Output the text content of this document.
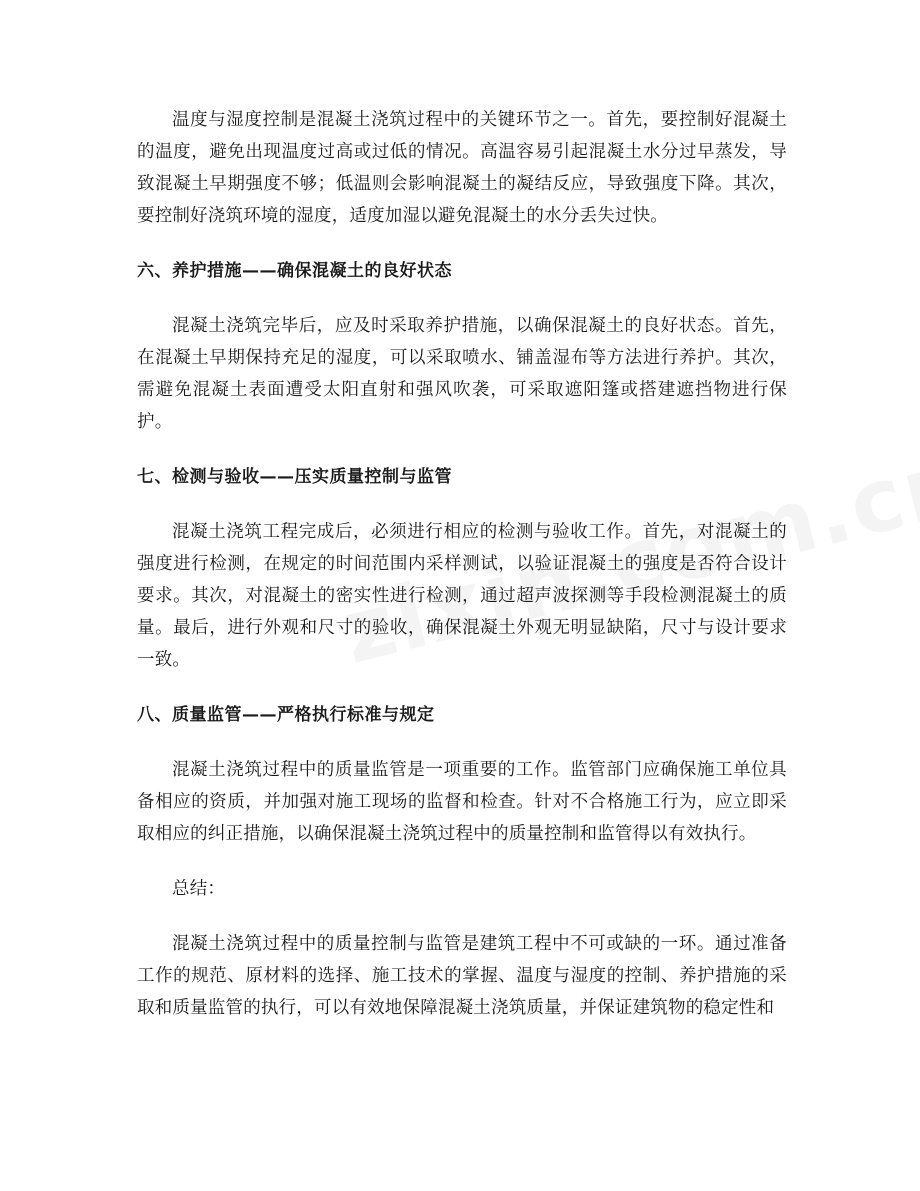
温度与湿度控制是混凝土浇筑过程中的关键环节之一。首先，要控制好混凝土的温度，避免出现温度过高或过低的情况。高温容易引起混凝土水分过早蒸发，导致混凝土早期强度不够；低温则会影响混凝土的凝结反应，导致强度下降。其次，要控制好浇筑环境的湿度，适度加湿以避免混凝土的水分丢失过快。

六、养护措施——确保混凝土的良好状态

混凝土浇筑完毕后，应及时采取养护措施，以确保混凝土的良好状态。首先，在混凝土早期保持充足的湿度，可以采取喷水、铺盖湿布等方法进行养护。其次，需避免混凝土表面遭受太阳直射和强风吹袭，可采取遮阳篷或搭建遮挡物进行保护。

七、检测与验收——压实质量控制与监管

混凝土浇筑工程完成后，必须进行相应的检测与验收工作。首先，对混凝土的强度进行检测，在规定的时间范围内采样测试，以验证混凝土的强度是否符合设计要求。其次，对混凝土的密实性进行检测，通过超声波探测等手段检测混凝土的质量。最后，进行外观和尺寸的验收，确保混凝土外观无明显缺陷，尺寸与设计要求一致。

八、质量监管——严格执行标准与规定

混凝土浇筑过程中的质量监管是一项重要的工作。监管部门应确保施工单位具备相应的资质，并加强对施工现场的监督和检查。针对不合格施工行为，应立即采取相应的纠正措施，以确保混凝土浇筑过程中的质量控制和监管得以有效执行。

总结：

混凝土浇筑过程中的质量控制与监管是建筑工程中不可或缺的一环。通过准备工作的规范、原材料的选择、施工技术的掌握、温度与湿度的控制、养护措施的采取和质量监管的执行，可以有效地保障混凝土浇筑质量，并保证建筑物的稳定性和
